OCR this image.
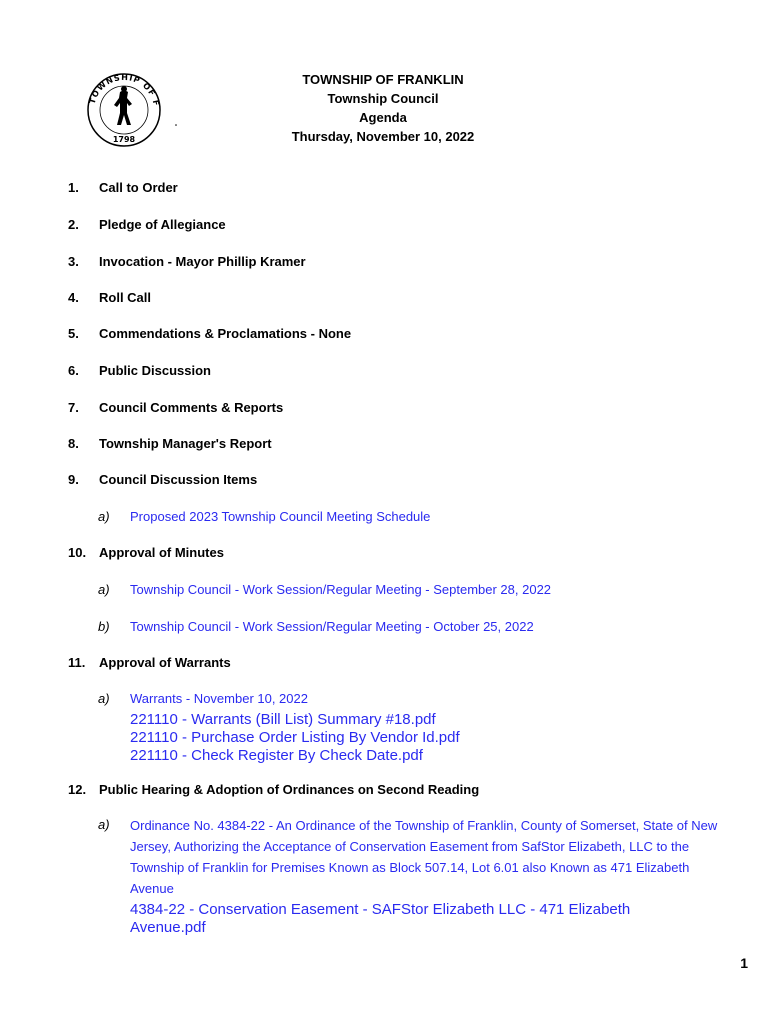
TOWNSHIP OF F
1798
TOWNSHIP OF FRANKLIN
Township Council
Agenda
Thursday, November 10, 2022
1. Call to Order
2. Pledge of Allegiance
3. Invocation - Mayor Phillip Kramer
4. Roll Call
5. Commendations & Proclamations - None
6. Public Discussion
7. Council Comments & Reports
8. Township Manager's Report
9. Council Discussion Items
a) Proposed 2023 Township Council Meeting Schedule
10. Approval of Minutes
a) Township Council - Work Session/Regular Meeting - September 28, 2022
b) Township Council - Work Session/Regular Meeting - October 25, 2022
11. Approval of Warrants
a) Warrants - November 10, 2022
221110 - Warrants (Bill List) Summary #18.pdf
221110 - Purchase Order Listing By Vendor Id.pdf
221110 - Check Register By Check Date.pdf
12. Public Hearing & Adoption of Ordinances on Second Reading
a)	Ordinance No. 4384-22 - An Ordinance of the Township of Franklin, County of Somerset, State of New Jersey, Authorizing the Acceptance of Conservation Easement from SafStor Elizabeth, LLC to the Township of Franklin for Premises Known as Block 507.14, Lot 6.01 also Known as 471 Elizabeth Avenue
4384-22 - Conservation Easement - SAFStor Elizabeth LLC - 471 Elizabeth Avenue.pdf
1
